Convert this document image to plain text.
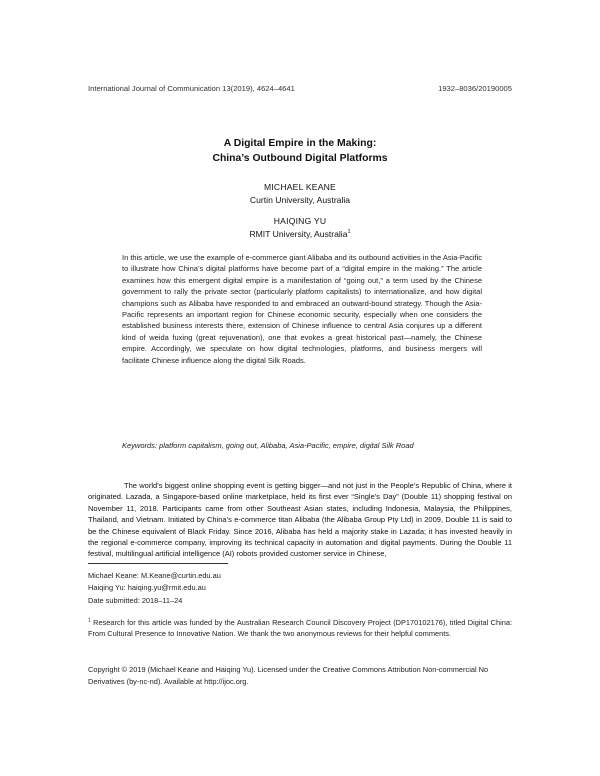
International Journal of Communication 13(2019), 4624–4641	1932–8036/20190005
A Digital Empire in the Making:
China’s Outbound Digital Platforms
MICHAEL KEANE
Curtin University, Australia
HAIQING YU
RMIT University, Australia$^1$
In this article, we use the example of e-commerce giant Alibaba and its outbound activities in the Asia-Pacific to illustrate how China’s digital platforms have become part of a “digital empire in the making.” The article examines how this emergent digital empire is a manifestation of “going out,” a term used by the Chinese government to rally the private sector (particularly platform capitalists) to internationalize, and how digital champions such as Alibaba have responded to and embraced an outward-bound strategy. Though the Asia-Pacific represents an important region for Chinese economic security, especially when one considers the established business interests there, extension of Chinese influence to central Asia conjures up a different kind of weida fuxing (great rejuvenation), one that evokes a great historical past—namely, the Chinese empire. Accordingly, we speculate on how digital technologies, platforms, and business mergers will facilitate Chinese influence along the digital Silk Roads.
Keywords: platform capitalism, going out, Alibaba, Asia-Pacific, empire, digital Silk Road
The world’s biggest online shopping event is getting bigger—and not just in the People’s Republic of China, where it originated. Lazada, a Singapore-based online marketplace, held its first ever “Single’s Day” (Double 11) shopping festival on November 11, 2018. Participants came from other Southeast Asian states, including Indonesia, Malaysia, the Philippines, Thailand, and Vietnam. Initiated by China’s e-commerce titan Alibaba (the Alibaba Group Pty Ltd) in 2009, Double 11 is said to be the Chinese equivalent of Black Friday. Since 2016, Alibaba has held a majority stake in Lazada; it has invested heavily in the regional e-commerce company, improving its technical capacity in automation and digital payments. During the Double 11 festival, multilingual artificial intelligence (AI) robots provided customer service in Chinese,
Michael Keane: M.Keane@curtin.edu.au
Haiqing Yu: haiqing.yu@rmit.edu.au
Date submitted: 2018–11–24
$^1$ Research for this article was funded by the Australian Research Council Discovery Project (DP170102176), titled Digital China: From Cultural Presence to Innovative Nation. We thank the two anonymous reviews for their helpful comments.
Copyright © 2019 (Michael Keane and Haiqing Yu). Licensed under the Creative Commons Attribution Non-commercial No Derivatives (by-nc-nd). Available at http://ijoc.org.
